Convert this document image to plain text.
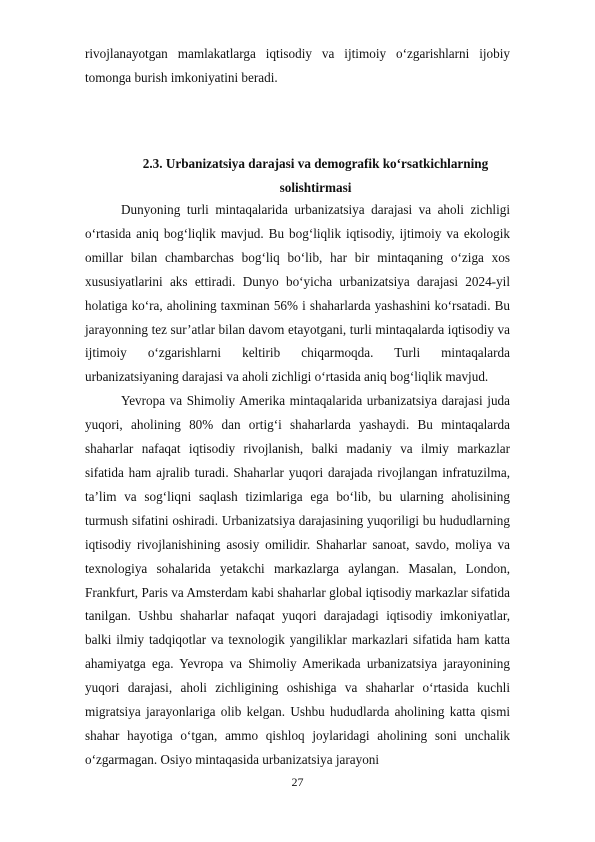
rivojlanayotgan mamlakatlarga iqtisodiy va ijtimoiy o‘zgarishlarni ijobiy tomonga burish imkoniyatini beradi.

2.3. Urbanizatsiya darajasi va demografik ko‘rsatkichlarning
solishtirmasi

Dunyoning turli mintaqalarida urbanizatsiya darajasi va aholi zichligi o‘rtasida aniq bog‘liqlik mavjud. Bu bog‘liqlik iqtisodiy, ijtimoiy va ekologik omillar bilan chambarchas bog‘liq bo‘lib, har bir mintaqaning o‘ziga xos xususiyatlarini aks ettiradi. Dunyo bo‘yicha urbanizatsiya darajasi 2024-yil holatiga ko‘ra, aholining taxminan 56% i shaharlarda yashashini ko‘rsatadi. Bu jarayonning tez sur’atlar bilan davom etayotgani, turli mintaqalarda iqtisodiy va ijtimoiy o‘zgarishlarni keltirib chiqarmoqda. Turli mintaqalarda urbanizatsiyaning darajasi va aholi zichligi o‘rtasida aniq bog‘liqlik mavjud.

Yevropa va Shimoliy Amerika mintaqalarida urbanizatsiya darajasi juda yuqori, aholining 80% dan ortig‘i shaharlarda yashaydi. Bu mintaqalarda shaharlar nafaqat iqtisodiy rivojlanish, balki madaniy va ilmiy markazlar sifatida ham ajralib turadi. Shaharlar yuqori darajada rivojlangan infratuzilma, ta’lim va sog‘liqni saqlash tizimlariga ega bo‘lib, bu ularning aholisining turmush sifatini oshiradi. Urbanizatsiya darajasining yuqoriligi bu hududlarning iqtisodiy rivojlanishining asosiy omilidir. Shaharlar sanoat, savdo, moliya va texnologiya sohalarida yetakchi markazlarga aylangan. Masalan, London, Frankfurt, Paris va Amsterdam kabi shaharlar global iqtisodiy markazlar sifatida tanilgan. Ushbu shaharlar nafaqat yuqori darajadagi iqtisodiy imkoniyatlar, balki ilmiy tadqiqotlar va texnologik yangiliklar markazlari sifatida ham katta ahamiyatga ega. Yevropa va Shimoliy Amerikada urbanizatsiya jarayonining yuqori darajasi, aholi zichligining oshishiga va shaharlar o‘rtasida kuchli migratsiya jarayonlariga olib kelgan. Ushbu hududlarda aholining katta qismi shahar hayotiga o‘tgan, ammo qishloq joylaridagi aholining soni unchalik o‘zgarmagan. Osiyo mintaqasida urbanizatsiya jarayoni

27
